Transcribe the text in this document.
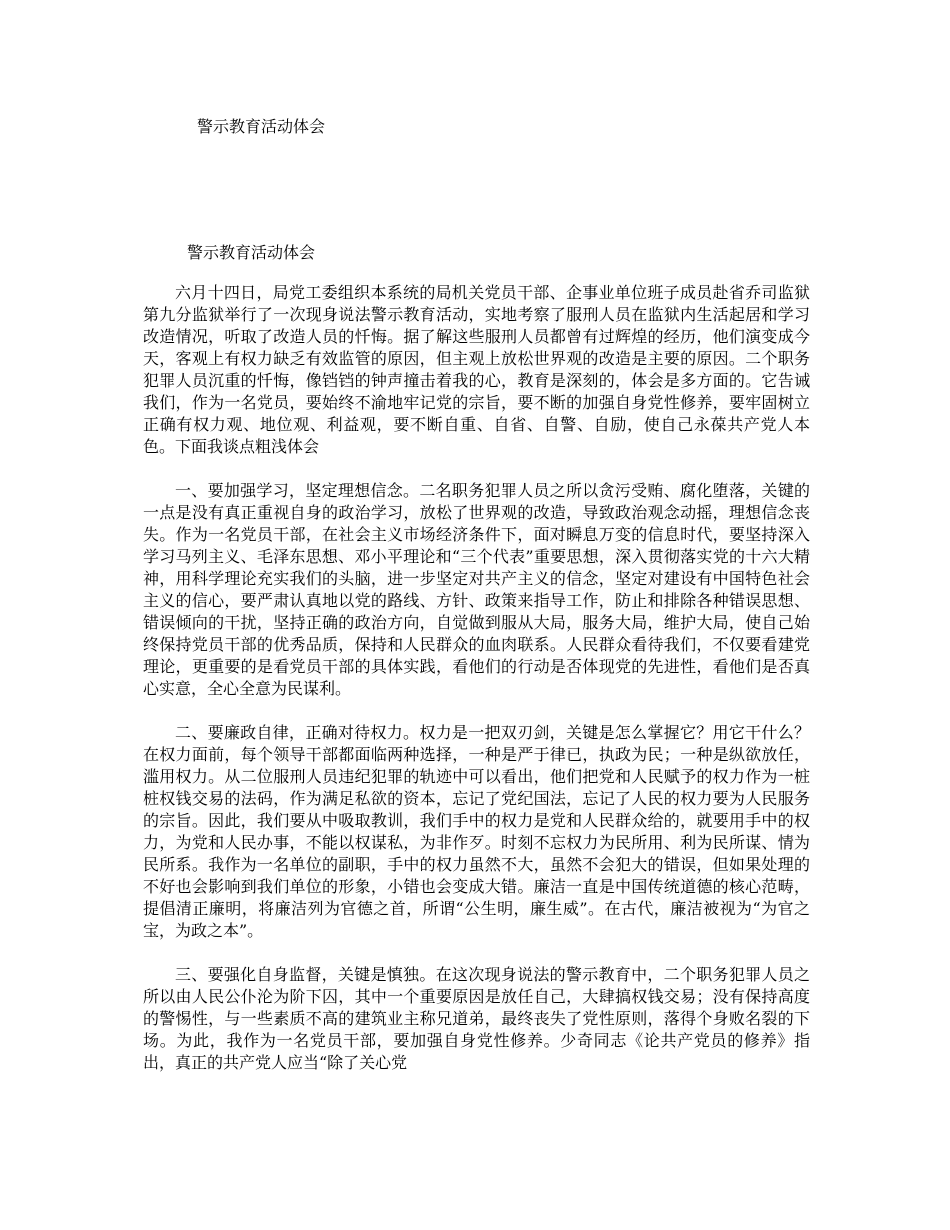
警示教育活动体会
警示教育活动体会

六月十四日，局党工委组织本系统的局机关党员干部、企事业单位班子成员赴省乔司监狱第九分监狱举行了一次现身说法警示教育活动，实地考察了服刑人员在监狱内生活起居和学习改造情况，听取了改造人员的忏悔。据了解这些服刑人员都曾有过辉煌的经历，他们演变成今天，客观上有权力缺乏有效监管的原因，但主观上放松世界观的改造是主要的原因。二个职务犯罪人员沉重的忏悔，像铛铛的钟声撞击着我的心，教育是深刻的，体会是多方面的。它告诫我们，作为一名党员，要始终不渝地牢记党的宗旨，要不断的加强自身党性修养，要牢固树立正确有权力观、地位观、利益观，要不断自重、自省、自警、自励，使自己永葆共产党人本色。下面我谈点粗浅体会

一、要加强学习，坚定理想信念。二名职务犯罪人员之所以贪污受贿、腐化堕落，关键的一点是没有真正重视自身的政治学习，放松了世界观的改造，导致政治观念动摇，理想信念丧失。作为一名党员干部，在社会主义市场经济条件下，面对瞬息万变的信息时代，要坚持深入学习马列主义、毛泽东思想、邓小平理论和“三个代表”重要思想，深入贯彻落实党的十六大精神，用科学理论充实我们的头脑，进一步坚定对共产主义的信念，坚定对建设有中国特色社会主义的信心，要严肃认真地以党的路线、方针、政策来指导工作，防止和排除各种错误思想、错误倾向的干扰，坚持正确的政治方向，自觉做到服从大局，服务大局，维护大局，使自己始终保持党员干部的优秀品质，保持和人民群众的血肉联系。人民群众看待我们，不仅要看建党理论，更重要的是看党员干部的具体实践，看他们的行动是否体现党的先进性，看他们是否真心实意，全心全意为民谋利。

二、要廉政自律，正确对待权力。权力是一把双刃剑，关键是怎么掌握它？用它干什么？在权力面前，每个领导干部都面临两种选择，一种是严于律已，执政为民；一种是纵欲放任，滥用权力。从二位服刑人员违纪犯罪的轨迹中可以看出，他们把党和人民赋予的权力作为一桩桩权钱交易的法码，作为满足私欲的资本，忘记了党纪国法，忘记了人民的权力要为人民服务的宗旨。因此，我们要从中吸取教训，我们手中的权力是党和人民群众给的，就要用手中的权力，为党和人民办事，不能以权谋私，为非作歹。时刻不忘权力为民所用、利为民所谋、情为民所系。我作为一名单位的副职，手中的权力虽然不大，虽然不会犯大的错误，但如果处理的不好也会影响到我们单位的形象，小错也会变成大错。廉洁一直是中国传统道德的核心范畴，提倡清正廉明，将廉洁列为官德之首，所谓“公生明，廉生威”。在古代，廉洁被视为“为官之宝，为政之本”。

三、要强化自身监督，关键是慎独。在这次现身说法的警示教育中，二个职务犯罪人员之所以由人民公仆沦为阶下囚，其中一个重要原因是放任自己，大肆搞权钱交易；没有保持高度的警惕性，与一些素质不高的建筑业主称兄道弟，最终丧失了党性原则，落得个身败名裂的下场。为此，我作为一名党员干部，要加强自身党性修养。少奇同志《论共产党员的修养》指出，真正的共产党人应当“除了关心党
